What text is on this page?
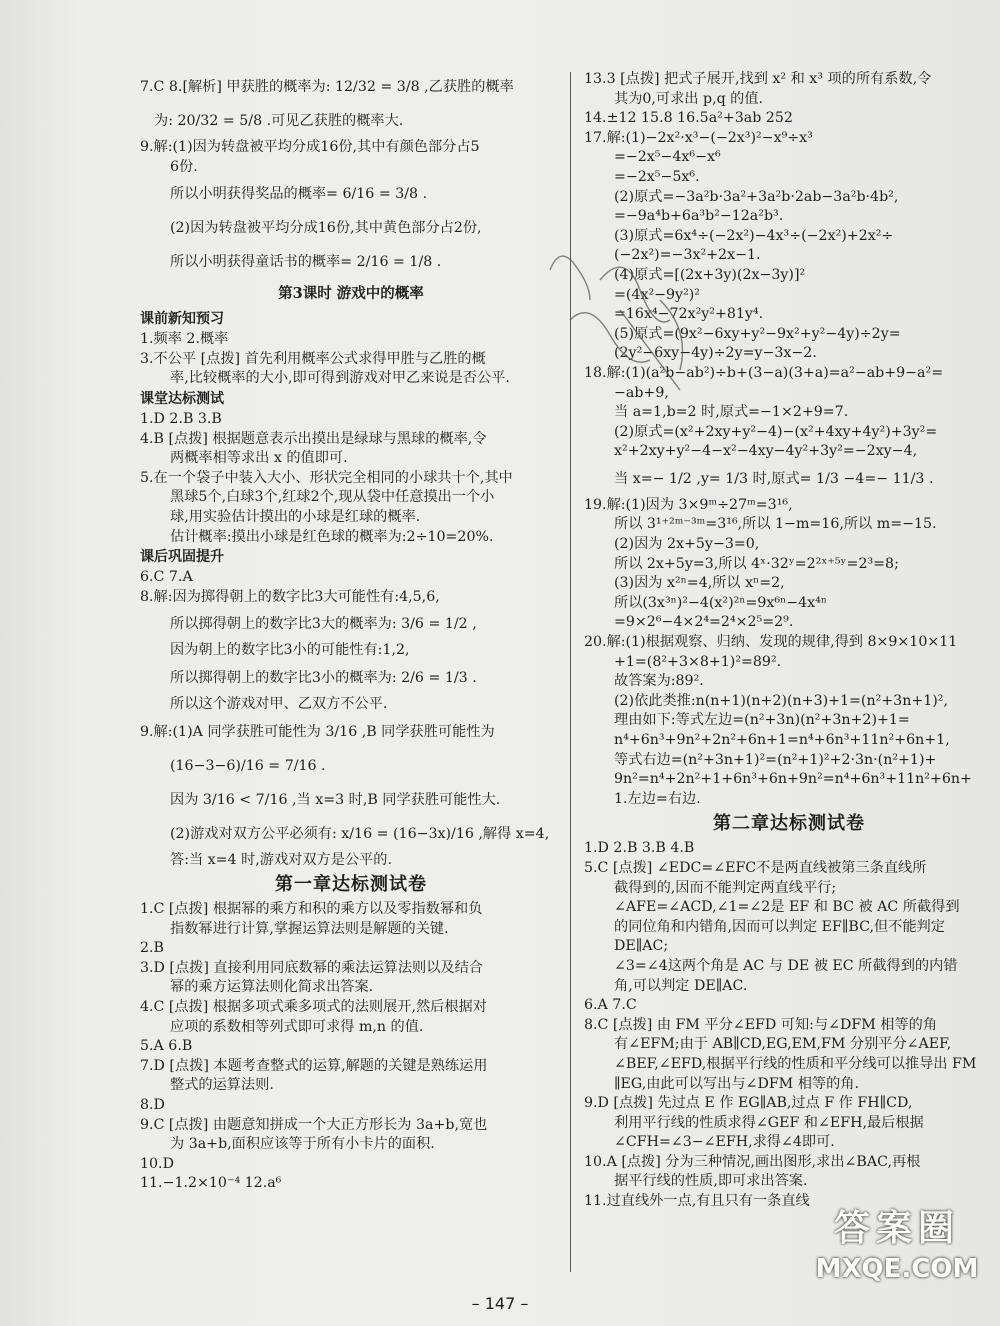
7.C 8.[解析] 甲获胜的概率为: 12/32 = 3/8 ,乙获胜的概率
为: 20/32 = 5/8 .可见乙获胜的概率大.
9.解:(1)因为转盘被平均分成16份,其中有颜色部分占5
6份.
所以小明获得奖品的概率= 6/16 = 3/8 .
(2)因为转盘被平均分成16份,其中黄色部分占2份,
所以小明获得童话书的概率= 2/16 = 1/8 .
第3课时 游戏中的概率
课前新知预习
1.频率 2.概率
3.不公平 [点拨] 首先利用概率公式求得甲胜与乙胜的概
率,比较概率的大小,即可得到游戏对甲乙来说是否公平.
课堂达标测试
1.D 2.B 3.B
4.B [点拨] 根据题意表示出摸出是绿球与黑球的概率,令
两概率相等求出 x 的值即可.
5.在一个袋子中装入大小、形状完全相同的小球共十个,其中
黑球5个,白球3个,红球2个,现从袋中任意摸出一个小
球,用实验估计摸出的小球是红球的概率.
估计概率:摸出小球是红色球的概率为:2÷10=20%.
课后巩固提升
6.C 7.A
8.解:因为掷得朝上的数字比3大可能性有:4,5,6,
所以掷得朝上的数字比3大的概率为: 3/6 = 1/2 ,
因为朝上的数字比3小的可能性有:1,2,
所以掷得朝上的数字比3小的概率为: 2/6 = 1/3 .
所以这个游戏对甲、乙双方不公平.
9.解:(1)A 同学获胜可能性为 3/16 ,B 同学获胜可能性为
(16−3−6)/16 = 7/16 .
因为 3/16 < 7/16 ,当 x=3 时,B 同学获胜可能性大.
(2)游戏对双方公平必须有: x/16 = (16−3x)/16 ,解得 x=4,
答:当 x=4 时,游戏对双方是公平的.
第一章达标测试卷
1.C [点拨] 根据幂的乘方和积的乘方以及零指数幂和负
指数幂进行计算,掌握运算法则是解题的关键.
2.B
3.D [点拨] 直接利用同底数幂的乘法运算法则以及结合
幂的乘方运算法则化简求出答案.
4.C [点拨] 根据多项式乘多项式的法则展开,然后根据对
应项的系数相等列式即可求得 m,n 的值.
5.A 6.B
7.D [点拨] 本题考查整式的运算,解题的关键是熟练运用
整式的运算法则.
8.D
9.C [点拨] 由题意知拼成一个大正方形长为 3a+b,宽也
为 3a+b,面积应该等于所有小卡片的面积.
10.D
11.−1.2×10⁻⁴ 12.a⁶
13.3 [点拨] 把式子展开,找到 x² 和 x³ 项的所有系数,令
其为0,可求出 p,q 的值.
14.±12 15.8 16.5a²+3ab 252
17.解:(1)−2x²·x³−(−2x³)²−x⁹÷x³
=−2x⁵−4x⁶−x⁶
=−2x⁵−5x⁶.
(2)原式=−3a²b·3a²+3a²b·2ab−3a²b·4b²,
=−9a⁴b+6a³b²−12a²b³.
(3)原式=6x⁴÷(−2x²)−4x³÷(−2x²)+2x²÷
(−2x²)=−3x²+2x−1.
(4)原式=[(2x+3y)(2x−3y)]²
=(4x²−9y²)²
=16x⁴−72x²y²+81y⁴.
(5)原式=(9x²−6xy+y²−9x²+y²−4y)÷2y=
(2y²−6xy−4y)÷2y=y−3x−2.
18.解:(1)(a²b−ab²)÷b+(3−a)(3+a)=a²−ab+9−a²=
−ab+9,
当 a=1,b=2 时,原式=−1×2+9=7.
(2)原式=(x²+2xy+y²−4)−(x²+4xy+4y²)+3y²=
x²+2xy+y²−4−x²−4xy−4y²+3y²=−2xy−4,
当 x=− 1/2 ,y= 1/3 时,原式= 1/3 −4=− 11/3 .
19.解:(1)因为 3×9ᵐ÷27ᵐ=3¹⁶,
所以 3¹⁺²ᵐ⁻³ᵐ=3¹⁶,所以 1−m=16,所以 m=−15.
(2)因为 2x+5y−3=0,
所以 2x+5y=3,所以 4ˣ·32ʸ=2²ˣ⁺⁵ʸ=2³=8;
(3)因为 x²ⁿ=4,所以 xⁿ=2,
所以(3x³ⁿ)²−4(x²)²ⁿ=9x⁶ⁿ−4x⁴ⁿ
=9×2⁶−4×2⁴=2⁴×2⁵=2⁹.
20.解:(1)根据观察、归纳、发现的规律,得到 8×9×10×11
+1=(8²+3×8+1)²=89².
故答案为:89².
(2)依此类推:n(n+1)(n+2)(n+3)+1=(n²+3n+1)²,
理由如下:等式左边=(n²+3n)(n²+3n+2)+1=
n⁴+6n³+9n²+2n²+6n+1=n⁴+6n³+11n²+6n+1,
等式右边=(n²+3n+1)²=(n²+1)²+2·3n·(n²+1)+
9n²=n⁴+2n²+1+6n³+6n+9n²=n⁴+6n³+11n²+6n+
1.左边=右边.
第二章达标测试卷
1.D 2.B 3.B 4.B
5.C [点拨] ∠EDC=∠EFC不是两直线被第三条直线所
截得到的,因而不能判定两直线平行;
∠AFE=∠ACD,∠1=∠2是 EF 和 BC 被 AC 所截得到
的同位角和内错角,因而可以判定 EF∥BC,但不能判定
DE∥AC;
∠3=∠4这两个角是 AC 与 DE 被 EC 所截得到的内错
角,可以判定 DE∥AC.
6.A 7.C
8.C [点拨] 由 FM 平分∠EFD 可知:与∠DFM 相等的角
有∠EFM;由于 AB∥CD,EG,EM,FM 分别平分∠AEF,
∠BEF,∠EFD,根据平行线的性质和平分线可以推导出 FM
∥EG,由此可以写出与∠DFM 相等的角.
9.D [点拨] 先过点 E 作 EG∥AB,过点 F 作 FH∥CD,
利用平行线的性质求得∠GEF 和∠EFH,最后根据
∠CFH=∠3−∠EFH,求得∠4即可.
10.A [点拨] 分为三种情况,画出图形,求出∠BAC,再根
据平行线的性质,即可求出答案.
11.过直线外一点,有且只有一条直线
– 147 –
答案圈
MXQE.COM
